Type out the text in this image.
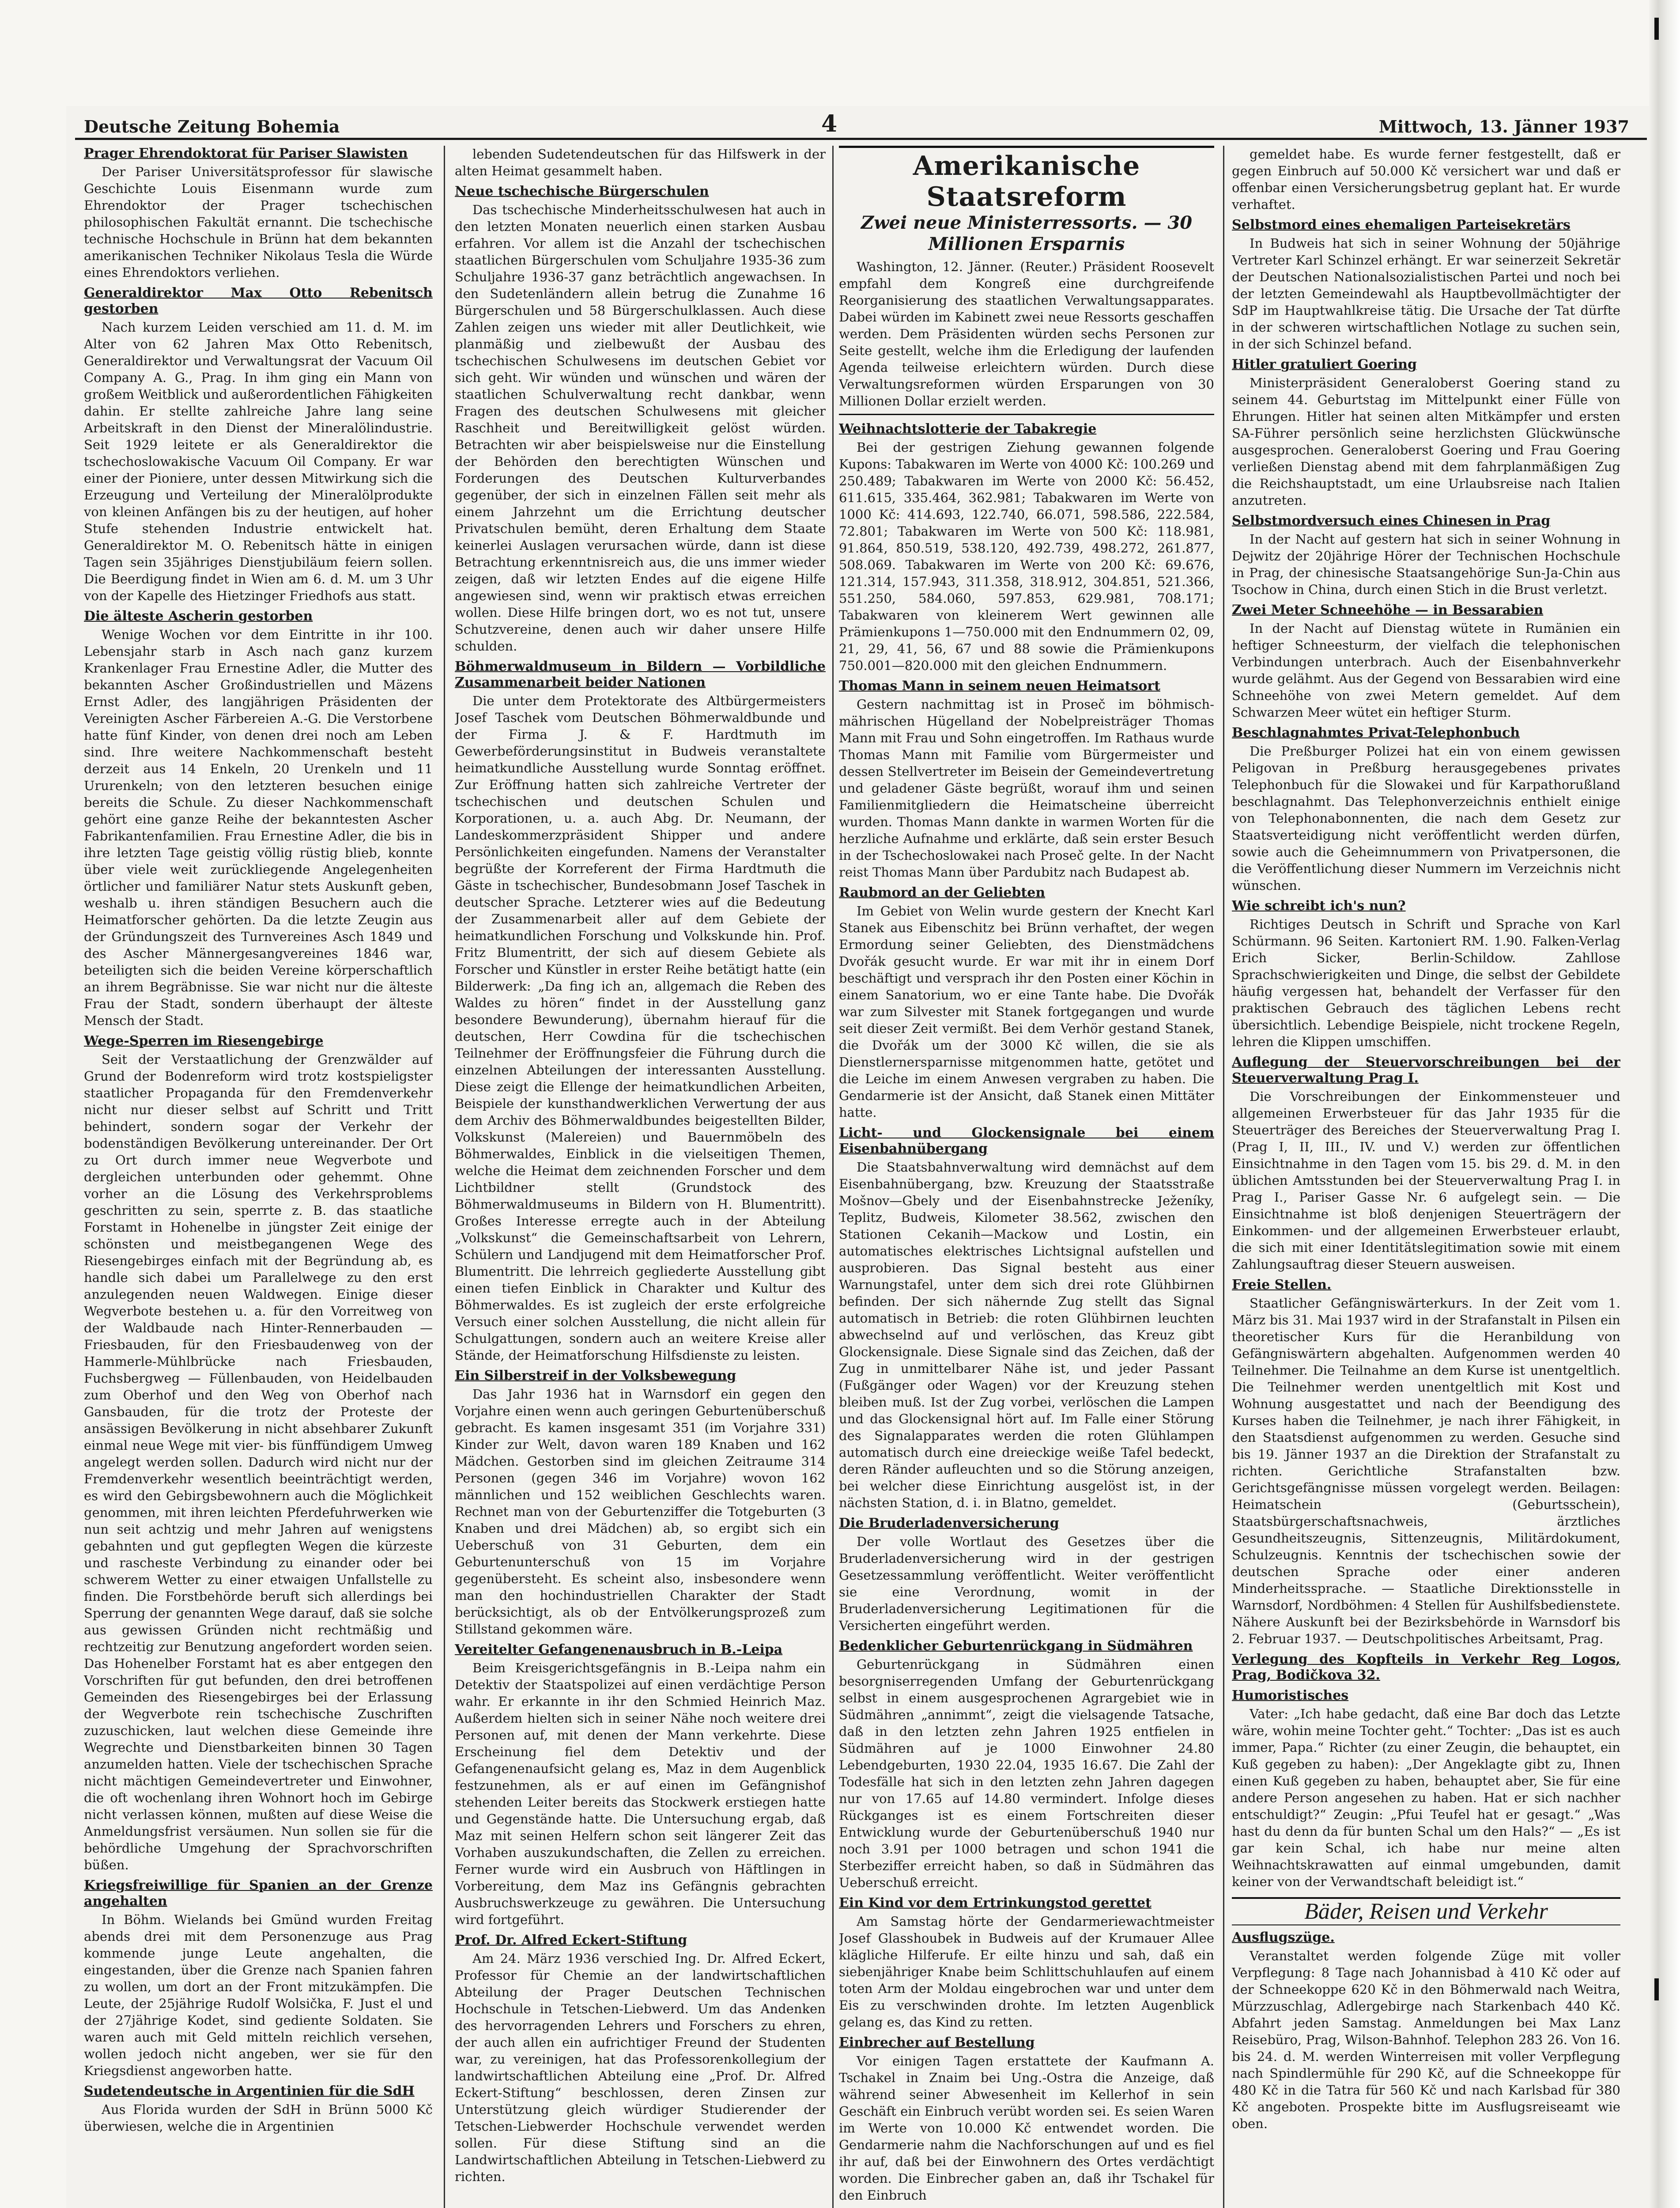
Deutsche Zeitung Bohemia	4	Mittwoch, 13. Jänner 1937
Prager Ehrendoktorat für Pariser Slawisten

Der Pariser Universitätsprofessor für slawische Geschichte Louis Eisenmann wurde zum Ehrendoktor der Prager tschechischen philosophischen Fakultät ernannt. Die tschechische technische Hochschule in Brünn hat dem bekannten amerikanischen Techniker Nikolaus Tesla die Würde eines Ehrendoktors verliehen.

Generaldirektor Max Otto Rebenitsch gestorben

Nach kurzem Leiden verschied am 11. d. M. im Alter von 62 Jahren Max Otto Rebenitsch, Generaldirektor und Verwaltungsrat der Vacuum Oil Company A. G., Prag. In ihm ging ein Mann von großem Weitblick und außerordentlichen Fähigkeiten dahin. Er stellte zahlreiche Jahre lang seine Arbeitskraft in den Dienst der Mineralölindustrie. Seit 1929 leitete er als Generaldirektor die tschechoslowakische Vacuum Oil Company. Er war einer der Pioniere, unter dessen Mitwirkung sich die Erzeugung und Verteilung der Mineralölprodukte von kleinen Anfängen bis zu der heutigen, auf hoher Stufe stehenden Industrie entwickelt hat. Generaldirektor M. O. Rebenitsch hätte in einigen Tagen sein 35jähriges Dienstjubiläum feiern sollen. Die Beerdigung findet in Wien am 6. d. M. um 3 Uhr von der Kapelle des Hietzinger Friedhofs aus statt.

Die älteste Ascherin gestorben

Wenige Wochen vor dem Eintritte in ihr 100. Lebensjahr starb in Asch nach ganz kurzem Krankenlager Frau Ernestine Adler, die Mutter des bekannten Ascher Großindustriellen und Mäzens Ernst Adler, des langjährigen Präsidenten der Vereinigten Ascher Färbereien A.-G. Die Verstorbene hatte fünf Kinder, von denen drei noch am Leben sind. Ihre weitere Nachkommenschaft besteht derzeit aus 14 Enkeln, 20 Urenkeln und 11 Ururenkeln; von den letzteren besuchen einige bereits die Schule. Zu dieser Nachkommenschaft gehört eine ganze Reihe der bekanntesten Ascher Fabrikantenfamilien. Frau Ernestine Adler, die bis in ihre letzten Tage geistig völlig rüstig blieb, konnte über viele weit zurückliegende Angelegenheiten örtlicher und familiärer Natur stets Auskunft geben, weshalb u. ihren ständigen Besuchern auch die Heimatforscher gehörten. Da die letzte Zeugin aus der Gründungszeit des Turnvereines Asch 1849 und des Ascher Männergesangvereines 1846 war, beteiligten sich die beiden Vereine körperschaftlich an ihrem Begräbnisse. Sie war nicht nur die älteste Frau der Stadt, sondern überhaupt der älteste Mensch der Stadt.

Wege-Sperren im Riesengebirge

Seit der Verstaatlichung der Grenzwälder auf Grund der Bodenreform wird trotz kostspieligster staatlicher Propaganda für den Fremdenverkehr nicht nur dieser selbst auf Schritt und Tritt behindert, sondern sogar der Verkehr der bodenständigen Bevölkerung untereinander. Der Ort zu Ort durch immer neue Wegverbote und dergleichen unterbunden oder gehemmt. Ohne vorher an die Lösung des Verkehrsproblems geschritten zu sein, sperrte z. B. das staatliche Forstamt in Hohenelbe in jüngster Zeit einige der schönsten und meistbegangenen Wege des Riesengebirges einfach mit der Begründung ab, es handle sich dabei um Parallelwege zu den erst anzulegenden neuen Waldwegen. Einige dieser Wegverbote bestehen u. a. für den Vorreitweg von der Waldbaude nach Hinter-Rennerbauden — Friesbauden, für den Friesbaudenweg von der Hammerle-Mühlbrücke nach Friesbauden, Fuchsbergweg — Füllenbauden, von Heidelbauden zum Oberhof und den Weg von Oberhof nach Gansbauden, für die trotz der Proteste der ansässigen Bevölkerung in nicht absehbarer Zukunft einmal neue Wege mit vier- bis fünffündigem Umweg angelegt werden sollen. Dadurch wird nicht nur der Fremdenverkehr wesentlich beeinträchtigt werden, es wird den Gebirgsbewohnern auch die Möglichkeit genommen, mit ihren leichten Pferdefuhrwerken wie nun seit achtzig und mehr Jahren auf wenigstens gebahnten und gut gepflegten Wegen die kürzeste und rascheste Verbindung zu einander oder bei schwerem Wetter zu einer etwaigen Unfallstelle zu finden. Die Forstbehörde beruft sich allerdings bei Sperrung der genannten Wege darauf, daß sie solche aus gewissen Gründen nicht rechtmäßig und rechtzeitig zur Benutzung angefordert worden seien. Das Hohenelber Forstamt hat es aber entgegen den Vorschriften für gut befunden, den drei betroffenen Gemeinden des Riesengebirges bei der Erlassung der Wegverbote rein tschechische Zuschriften zuzuschicken, laut welchen diese Gemeinde ihre Wegrechte und Dienstbarkeiten binnen 30 Tagen anzumelden hatten. Viele der tschechischen Sprache nicht mächtigen Gemeindevertreter und Einwohner, die oft wochenlang ihren Wohnort hoch im Gebirge nicht verlassen können, mußten auf diese Weise die Anmeldungsfrist versäumen. Nun sollen sie für die behördliche Umgehung der Sprachvorschriften büßen.

Kriegsfreiwillige für Spanien an der Grenze angehalten

In Böhm. Wielands bei Gmünd wurden Freitag abends drei mit dem Personenzuge aus Prag kommende junge Leute angehalten, die eingestanden, über die Grenze nach Spanien fahren zu wollen, um dort an der Front mitzukämpfen. Die Leute, der 25jährige Rudolf Wolsička, F. Just el und der 27jährige Kodet, sind gediente Soldaten. Sie waren auch mit Geld mitteln reichlich versehen, wollen jedoch nicht angeben, wer sie für den Kriegsdienst angeworben hatte.

Sudetendeutsche in Argentinien für die SdH

Aus Florida wurden der SdH in Brünn 5000 Kč überwiesen, welche die in Argentinien

lebenden Sudetendeutschen für das Hilfswerk in der alten Heimat gesammelt haben.

Neue tschechische Bürgerschulen

Das tschechische Minderheitsschulwesen hat auch in den letzten Monaten neuerlich einen starken Ausbau erfahren. Vor allem ist die Anzahl der tschechischen staatlichen Bürgerschulen vom Schuljahre 1935-36 zum Schuljahre 1936-37 ganz beträchtlich angewachsen. In den Sudetenländern allein betrug die Zunahme 16 Bürgerschulen und 58 Bürgerschulklassen. Auch diese Zahlen zeigen uns wieder mit aller Deutlichkeit, wie planmäßig und zielbewußt der Ausbau des tschechischen Schulwesens im deutschen Gebiet vor sich geht. Wir wünden und wünschen und wären der staatlichen Schulverwaltung recht dankbar, wenn Fragen des deutschen Schulwesens mit gleicher Raschheit und Bereitwilligkeit gelöst würden. Betrachten wir aber beispielsweise nur die Einstellung der Behörden den berechtigten Wünschen und Forderungen des Deutschen Kulturverbandes gegenüber, der sich in einzelnen Fällen seit mehr als einem Jahrzehnt um die Errichtung deutscher Privatschulen bemüht, deren Erhaltung dem Staate keinerlei Auslagen verursachen würde, dann ist diese Betrachtung erkenntnisreich aus, die uns immer wieder zeigen, daß wir letzten Endes auf die eigene Hilfe angewiesen sind, wenn wir praktisch etwas erreichen wollen. Diese Hilfe bringen dort, wo es not tut, unsere Schutzvereine, denen auch wir daher unsere Hilfe schulden.

Böhmerwaldmuseum in Bildern — Vorbildliche Zusammenarbeit beider Nationen

Die unter dem Protektorate des Altbürgermeisters Josef Taschek vom Deutschen Böhmerwaldbunde und der Firma J. & F. Hardtmuth im Gewerbeförderungsinstitut in Budweis veranstaltete heimatkundliche Ausstellung wurde Sonntag eröffnet. Zur Eröffnung hatten sich zahlreiche Vertreter der tschechischen und deutschen Schulen und Korporationen, u. a. auch Abg. Dr. Neumann, der Landeskommerzpräsident Shipper und andere Persönlichkeiten eingefunden. Namens der Veranstalter begrüßte der Korreferent der Firma Hardtmuth die Gäste in tschechischer, Bundesobmann Josef Taschek in deutscher Sprache. Letzterer wies auf die Bedeutung der Zusammenarbeit aller auf dem Gebiete der heimatkundlichen Forschung und Volkskunde hin. Prof. Fritz Blumentritt, der sich auf diesem Gebiete als Forscher und Künstler in erster Reihe betätigt hatte (ein Bilderwerk: „Da fing ich an, allgemach die Reben des Waldes zu hören“ findet in der Ausstellung ganz besondere Bewunderung), übernahm hierauf für die deutschen, Herr Cowdina für die tschechischen Teilnehmer der Eröffnungsfeier die Führung durch die einzelnen Abteilungen der interessanten Ausstellung. Diese zeigt die Ellenge der heimatkundlichen Arbeiten, Beispiele der kunsthandwerklichen Verwertung der aus dem Archiv des Böhmerwaldbundes beigestellten Bilder, Volkskunst (Malereien) und Bauernmöbeln des Böhmerwaldes, Einblick in die vielseitigen Themen, welche die Heimat dem zeichnenden Forscher und dem Lichtbildner stellt (Grundstock des Böhmerwaldmuseums in Bildern von H. Blumentritt). Großes Interesse erregte auch in der Abteilung „Volkskunst“ die Gemeinschaftsarbeit von Lehrern, Schülern und Landjugend mit dem Heimatforscher Prof. Blumentritt. Die lehrreich gegliederte Ausstellung gibt einen tiefen Einblick in Charakter und Kultur des Böhmerwaldes. Es ist zugleich der erste erfolgreiche Versuch einer solchen Ausstellung, die nicht allein für Schulgattungen, sondern auch an weitere Kreise aller Stände, der Heimatforschung Hilfsdienste zu leisten.

Ein Silberstreif in der Volksbewegung

Das Jahr 1936 hat in Warnsdorf ein gegen den Vorjahre einen wenn auch geringen Geburtenüberschuß gebracht. Es kamen insgesamt 351 (im Vorjahre 331) Kinder zur Welt, davon waren 189 Knaben und 162 Mädchen. Gestorben sind im gleichen Zeitraume 314 Personen (gegen 346 im Vorjahre) wovon 162 männlichen und 152 weiblichen Geschlechts waren. Rechnet man von der Geburtenziffer die Totgeburten (3 Knaben und drei Mädchen) ab, so ergibt sich ein Ueberschuß von 31 Geburten, dem ein Geburtenunterschuß von 15 im Vorjahre gegenübersteht. Es scheint also, insbesondere wenn man den hochindustriellen Charakter der Stadt berücksichtigt, als ob der Entvölkerungsprozeß zum Stillstand gekommen wäre.

Vereitelter Gefangenenausbruch in B.-Leipa

Beim Kreisgerichtsgefängnis in B.-Leipa nahm ein Detektiv der Staatspolizei auf einen verdächtige Person wahr. Er erkannte in ihr den Schmied Heinrich Maz. Außerdem hielten sich in seiner Nähe noch weitere drei Personen auf, mit denen der Mann verkehrte. Diese Erscheinung fiel dem Detektiv und der Gefangenenaufsicht gelang es, Maz in dem Augenblick festzunehmen, als er auf einen im Gefängnishof stehenden Leiter bereits das Stockwerk erstiegen hatte und Gegenstände hatte. Die Untersuchung ergab, daß Maz mit seinen Helfern schon seit längerer Zeit das Vorhaben auszukundschaften, die Zellen zu erreichen. Ferner wurde wird ein Ausbruch von Häftlingen in Vorbereitung, dem Maz ins Gefängnis gebrachten Ausbruchswerkzeuge zu gewähren. Die Untersuchung wird fortgeführt.

Prof. Dr. Alfred Eckert-Stiftung

Am 24. März 1936 verschied Ing. Dr. Alfred Eckert, Professor für Chemie an der landwirtschaftlichen Abteilung der Prager Deutschen Technischen Hochschule in Tetschen-Liebwerd. Um das Andenken des hervorragenden Lehrers und Forschers zu ehren, der auch allen ein aufrichtiger Freund der Studenten war, zu vereinigen, hat das Professorenkollegium der landwirtschaftlichen Abteilung eine „Prof. Dr. Alfred Eckert-Stiftung“ beschlossen, deren Zinsen zur Unterstützung gleich würdiger Studierender der Tetschen-Liebwerder Hochschule verwendet werden sollen. Für diese Stiftung sind an die Landwirtschaftlichen Abteilung in Tetschen-Liebwerd zu richten.

Amerikanische Staatsreform
Zwei neue Ministerressorts. — 30 Millionen Ersparnis

Washington, 12. Jänner. (Reuter.) Präsident Roosevelt empfahl dem Kongreß eine durchgreifende Reorganisierung des staatlichen Verwaltungsapparates. Dabei würden im Kabinett zwei neue Ressorts geschaffen werden. Dem Präsidenten würden sechs Personen zur Seite gestellt, welche ihm die Erledigung der laufenden Agenda teilweise erleichtern würden. Durch diese Verwaltungsreformen würden Ersparungen von 30 Millionen Dollar erzielt werden.

Weihnachtslotterie der Tabakregie

Bei der gestrigen Ziehung gewannen folgende Kupons: Tabakwaren im Werte von 4000 Kč: 100.269 und 250.489; Tabakwaren im Werte von 2000 Kč: 56.452, 611.615, 335.464, 362.981; Tabakwaren im Werte von 1000 Kč: 414.693, 122.740, 66.071, 598.586, 222.584, 72.801; Tabakwaren im Werte von 500 Kč: 118.981, 91.864, 850.519, 538.120, 492.739, 498.272, 261.877, 508.069. Tabakwaren im Werte von 200 Kč: 69.676, 121.314, 157.943, 311.358, 318.912, 304.851, 521.366, 551.250, 584.060, 597.853, 629.981, 708.171; Tabakwaren von kleinerem Wert gewinnen alle Prämienkupons 1—750.000 mit den Endnummern 02, 09, 21, 29, 41, 56, 67 und 88 sowie die Prämienkupons 750.001—820.000 mit den gleichen Endnummern.

Thomas Mann in seinem neuen Heimatsort

Gestern nachmittag ist in Proseč im böhmisch-mährischen Hügelland der Nobelpreisträger Thomas Mann mit Frau und Sohn eingetroffen. Im Rathaus wurde Thomas Mann mit Familie vom Bürgermeister und dessen Stellvertreter im Beisein der Gemeindevertretung und geladener Gäste begrüßt, worauf ihm und seinen Familienmitgliedern die Heimatscheine überreicht wurden. Thomas Mann dankte in warmen Worten für die herzliche Aufnahme und erklärte, daß sein erster Besuch in der Tschechoslowakei nach Proseč gelte. In der Nacht reist Thomas Mann über Pardubitz nach Budapest ab.

Raubmord an der Geliebten

Im Gebiet von Welin wurde gestern der Knecht Karl Stanek aus Eibenschitz bei Brünn verhaftet, der wegen Ermordung seiner Geliebten, des Dienstmädchens Dvořák gesucht wurde. Er war mit ihr in einem Dorf beschäftigt und versprach ihr den Posten einer Köchin in einem Sanatorium, wo er eine Tante habe. Die Dvořák war zum Silvester mit Stanek fortgegangen und wurde seit dieser Zeit vermißt. Bei dem Verhör gestand Stanek, die Dvořák um der 3000 Kč willen, die sie als Dienstlernersparnisse mitgenommen hatte, getötet und die Leiche im einem Anwesen vergraben zu haben. Die Gendarmerie ist der Ansicht, daß Stanek einen Mittäter hatte.

Licht- und Glockensignale bei einem Eisenbahnübergang

Die Staatsbahnverwaltung wird demnächst auf dem Eisenbahnübergang, bzw. Kreuzung der Staatsstraße Mošnov—Gbely und der Eisenbahnstrecke Ježeníky, Teplitz, Budweis, Kilometer 38.562, zwischen den Stationen Cekanih—Mackow und Lostin, ein automatisches elektrisches Lichtsignal aufstellen und ausprobieren. Das Signal besteht aus einer Warnungstafel, unter dem sich drei rote Glühbirnen befinden. Der sich nähernde Zug stellt das Signal automatisch in Betrieb: die roten Glühbirnen leuchten abwechselnd auf und verlöschen, das Kreuz gibt Glockensignale. Diese Signale sind das Zeichen, daß der Zug in unmittelbarer Nähe ist, und jeder Passant (Fußgänger oder Wagen) vor der Kreuzung stehen bleiben muß. Ist der Zug vorbei, verlöschen die Lampen und das Glockensignal hört auf. Im Falle einer Störung des Signalapparates werden die roten Glühlampen automatisch durch eine dreieckige weiße Tafel bedeckt, deren Ränder aufleuchten und so die Störung anzeigen, bei welcher diese Einrichtung ausgelöst ist, in der nächsten Station, d. i. in Blatno, gemeldet.

Die Bruderladenversicherung

Der volle Wortlaut des Gesetzes über die Bruderladenversicherung wird in der gestrigen Gesetzessammlung veröffentlicht. Weiter veröffentlicht sie eine Verordnung, womit in der Bruderladenversicherung Legitimationen für die Versicherten eingeführt werden.

Bedenklicher Geburtenrückgang in Südmähren

Geburtenrückgang in Südmähren einen besorgniserregenden Umfang der Geburtenrückgang selbst in einem ausgesprochenen Agrargebiet wie in Südmähren „annimmt“, zeigt die vielsagende Tatsache, daß in den letzten zehn Jahren 1925 entfielen in Südmähren auf je 1000 Einwohner 24.80 Lebendgeburten, 1930 22.04, 1935 16.67. Die Zahl der Todesfälle hat sich in den letzten zehn Jahren dagegen nur von 17.65 auf 14.80 vermindert. Infolge dieses Rückganges ist es einem Fortschreiten dieser Entwicklung wurde der Geburtenüberschuß 1940 nur noch 3.91 per 1000 betragen und schon 1941 die Sterbeziffer erreicht haben, so daß in Südmähren das Ueberschuß erreicht.

Ein Kind vor dem Ertrinkungstod gerettet

Am Samstag hörte der Gendarmeriewachtmeister Josef Glasshoubek in Budweis auf der Krumauer Allee klägliche Hilferufe. Er eilte hinzu und sah, daß ein siebenjähriger Knabe beim Schlittschuhlaufen auf einem toten Arm der Moldau eingebrochen war und unter dem Eis zu verschwinden drohte. Im letzten Augenblick gelang es, das Kind zu retten.

Einbrecher auf Bestellung

Vor einigen Tagen erstattete der Kaufmann A. Tschakel in Znaim bei Ung.-Ostra die Anzeige, daß während seiner Abwesenheit im Kellerhof in sein Geschäft ein Einbruch verübt worden sei. Es seien Waren im Werte von 10.000 Kč entwendet worden. Die Gendarmerie nahm die Nachforschungen auf und es fiel ihr auf, daß bei der Einwohnern des Ortes verdächtigt worden. Die Einbrecher gaben an, daß ihr Tschakel für den Einbruch

gemeldet habe. Es wurde ferner festgestellt, daß er gegen Einbruch auf 50.000 Kč versichert war und daß er offenbar einen Versicherungsbetrug geplant hat. Er wurde verhaftet.

Selbstmord eines ehemaligen Parteisekretärs

In Budweis hat sich in seiner Wohnung der 50jährige Vertreter Karl Schinzel erhängt. Er war seinerzeit Sekretär der Deutschen Nationalsozialistischen Partei und noch bei der letzten Gemeindewahl als Hauptbevollmächtigter der SdP im Hauptwahlkreise tätig. Die Ursache der Tat dürfte in der schweren wirtschaftlichen Notlage zu suchen sein, in der sich Schinzel befand.

Hitler gratuliert Goering

Ministerpräsident Generaloberst Goering stand zu seinem 44. Geburtstag im Mittelpunkt einer Fülle von Ehrungen. Hitler hat seinen alten Mitkämpfer und ersten SA-Führer persönlich seine herzlichsten Glückwünsche ausgesprochen. Generaloberst Goering und Frau Goering verließen Dienstag abend mit dem fahrplanmäßigen Zug die Reichshauptstadt, um eine Urlaubsreise nach Italien anzutreten.

Selbstmordversuch eines Chinesen in Prag

In der Nacht auf gestern hat sich in seiner Wohnung in Dejwitz der 20jährige Hörer der Technischen Hochschule in Prag, der chinesische Staatsangehörige Sun-Ja-Chin aus Tsochow in China, durch einen Stich in die Brust verletzt.

Zwei Meter Schneehöhe — in Bessarabien

In der Nacht auf Dienstag wütete in Rumänien ein heftiger Schneesturm, der vielfach die telephonischen Verbindungen unterbrach. Auch der Eisenbahnverkehr wurde gelähmt. Aus der Gegend von Bessarabien wird eine Schneehöhe von zwei Metern gemeldet. Auf dem Schwarzen Meer wütet ein heftiger Sturm.

Beschlagnahmtes Privat-Telephonbuch

Die Preßburger Polizei hat ein von einem gewissen Peligovan in Preßburg herausgegebenes privates Telephonbuch für die Slowakei und für Karpathorußland beschlagnahmt. Das Telephonverzeichnis enthielt einige von Telephonabonnenten, die nach dem Gesetz zur Staatsverteidigung nicht veröffentlicht werden dürfen, sowie auch die Geheimnummern von Privatpersonen, die die Veröffentlichung dieser Nummern im Verzeichnis nicht wünschen.

Wie schreibt ich's nun?

Richtiges Deutsch in Schrift und Sprache von Karl Schürmann. 96 Seiten. Kartoniert RM. 1.90. Falken-Verlag Erich Sicker, Berlin-Schildow. Zahllose Sprachschwierigkeiten und Dinge, die selbst der Gebildete häufig vergessen hat, behandelt der Verfasser für den praktischen Gebrauch des täglichen Lebens recht übersichtlich. Lebendige Beispiele, nicht trockene Regeln, lehren die Klippen umschiffen.

Auflegung der Steuervorschreibungen bei der Steuerverwaltung Prag I.

Die Vorschreibungen der Einkommensteuer und allgemeinen Erwerbsteuer für das Jahr 1935 für die Steuerträger des Bereiches der Steuerverwaltung Prag I. (Prag I, II, III., IV. und V.) werden zur öffentlichen Einsichtnahme in den Tagen vom 15. bis 29. d. M. in den üblichen Amtsstunden bei der Steuerverwaltung Prag I. in Prag I., Pariser Gasse Nr. 6 aufgelegt sein. — Die Einsichtnahme ist bloß denjenigen Steuerträgern der Einkommen- und der allgemeinen Erwerbsteuer erlaubt, die sich mit einer Identitätslegitimation sowie mit einem Zahlungsauftrag dieser Steuern ausweisen.

Freie Stellen.

Staatlicher Gefängniswärterkurs. In der Zeit vom 1. März bis 31. Mai 1937 wird in der Strafanstalt in Pilsen ein theoretischer Kurs für die Heranbildung von Gefängniswärtern abgehalten. Aufgenommen werden 40 Teilnehmer. Die Teilnahme an dem Kurse ist unentgeltlich. Die Teilnehmer werden unentgeltlich mit Kost und Wohnung ausgestattet und nach der Beendigung des Kurses haben die Teilnehmer, je nach ihrer Fähigkeit, in den Staatsdienst aufgenommen zu werden. Gesuche sind bis 19. Jänner 1937 an die Direktion der Strafanstalt zu richten. Gerichtliche Strafanstalten bzw. Gerichtsgefängnisse müssen vorgelegt werden. Beilagen: Heimatschein (Geburtsschein), Staatsbürgerschaftsnachweis, ärztliches Gesundheitszeugnis, Sittenzeugnis, Militärdokument, Schulzeugnis. Kenntnis der tschechischen sowie der deutschen Sprache oder einer anderen Minderheitssprache. — Staatliche Direktionsstelle in Warnsdorf, Nordböhmen: 4 Stellen für Aushilfsbedienstete. Nähere Auskunft bei der Bezirksbehörde in Warnsdorf bis 2. Februar 1937. — Deutschpolitisches Arbeitsamt, Prag.

Verlegung des Kopfteils in Verkehr Reg Logos, Prag, Bodičkova 32.
Humoristisches

Vater: „Ich habe gedacht, daß eine Bar doch das Letzte wäre, wohin meine Tochter geht.“ Tochter: „Das ist es auch immer, Papa.“ Richter (zu einer Zeugin, die behauptet, ein Kuß gegeben zu haben): „Der Angeklagte gibt zu, Ihnen einen Kuß gegeben zu haben, behauptet aber, Sie für eine andere Person angesehen zu haben. Hat er sich nachher entschuldigt?“ Zeugin: „Pfui Teufel hat er gesagt.“ „Was hast du denn da für bunten Schal um den Hals?“ — „Es ist gar kein Schal, ich habe nur meine alten Weihnachtskrawatten auf einmal umgebunden, damit keiner von der Verwandtschaft beleidigt ist.“

Bäder, Reisen und Verkehr
Ausflugszüge.

Veranstaltet werden folgende Züge mit voller Verpflegung: 8 Tage nach Johannisbad à 410 Kč oder auf der Schneekoppe 620 Kč in den Böhmerwald nach Weitra, Mürzzuschlag, Adlergebirge nach Starkenbach 440 Kč. Abfahrt jeden Samstag. Anmeldungen bei Max Lanz Reisebüro, Prag, Wilson-Bahnhof. Telephon 283 26. Von 16. bis 24. d. M. werden Winterreisen mit voller Verpflegung nach Spindlermühle für 290 Kč, auf die Schneekoppe für 480 Kč in die Tatra für 560 Kč und nach Karlsbad für 380 Kč angeboten. Prospekte bitte im Ausflugsreiseamt wie oben.
